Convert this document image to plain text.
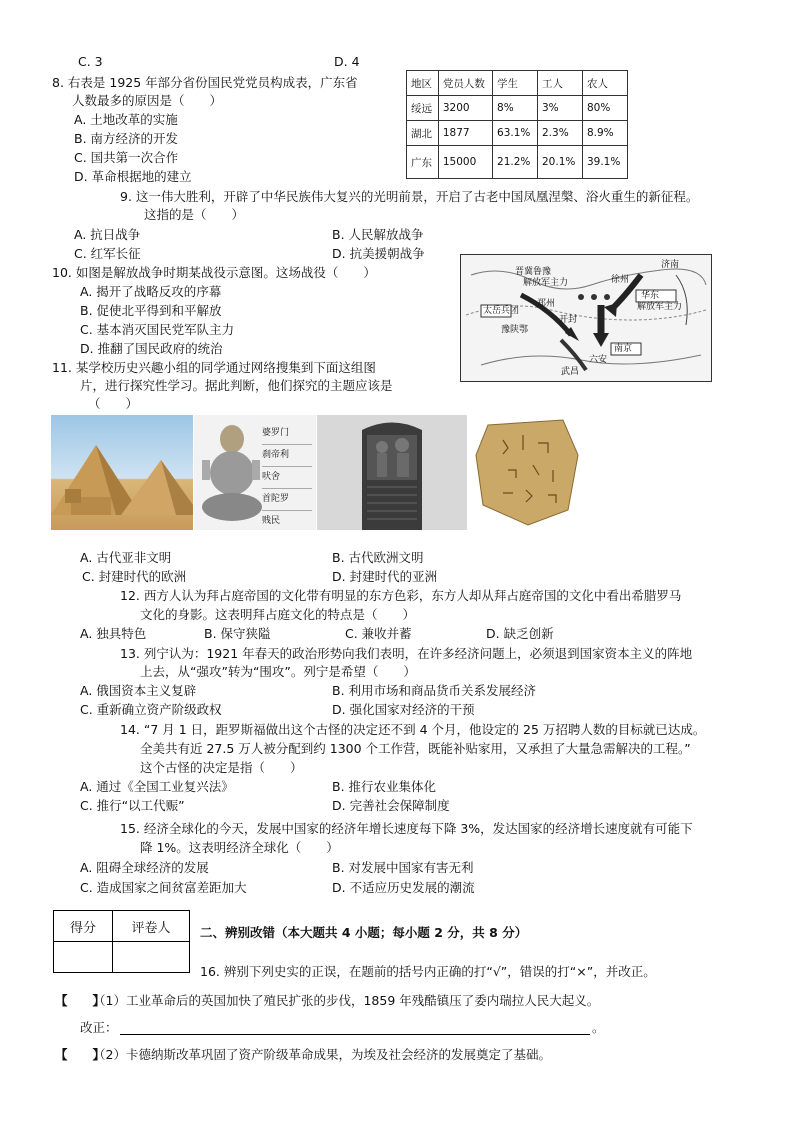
C. 3	D. 4
8. 右表是 1925 年部分省份国民党党员构成表，广东省
人数最多的原因是（　　）
A. 土地改革的实施
B. 南方经济的开发
C. 国共第一次合作
D. 革命根据地的建立
地区	党员人数	学生	工人	农人
绥远	3200	8%	3%	80%
湖北	1877	63.1%	2.3%	8.9%
广东	15000	21.2%	20.1%	39.1%
9. 这一伟大胜利，开辟了中华民族伟大复兴的光明前景，开启了古老中国凤凰涅槃、浴火重生的新征程。
这指的是（　　）
A. 抗日战争	B. 人民解放战争
C. 红军长征	D. 抗美援朝战争
10. 如图是解放战争时期某战役示意图。这场战役（　　）
A. 揭开了战略反攻的序幕
B. 促使北平得到和平解放
C. 基本消灭国民党军队主力
D. 推翻了国民政府的统治
晋冀鲁豫
解放军主力
太岳兵团
华东
解放军主力
豫陕鄂
南京
武昌
郑州
徐州
济南
开封
六安
11. 某学校历史兴趣小组的同学通过网络搜集到下面这组图
片，进行探究性学习。据此判断，他们探究的主题应该是
（　　）
婆罗门
刹帝利
吠舍
首陀罗
贱民
A. 古代亚非文明	B. 古代欧洲文明
C. 封建时代的欧洲	D. 封建时代的亚洲
12. 西方人认为拜占庭帝国的文化带有明显的东方色彩，东方人却从拜占庭帝国的文化中看出希腊罗马
文化的身影。这表明拜占庭文化的特点是（　　）
A. 独具特色	B. 保守狭隘	C. 兼收并蓄	D. 缺乏创新
13. 列宁认为：1921 年春天的政治形势向我们表明，在许多经济问题上，必须退到国家资本主义的阵地
上去，从“强攻”转为“围攻”。列宁是希望（　　）
A. 俄国资本主义复辟	B. 利用市场和商品货币关系发展经济
C. 重新确立资产阶级政权	D. 强化国家对经济的干预
14. “7 月 1 日，距罗斯福做出这个古怪的决定还不到 4 个月，他设定的 25 万招聘人数的目标就已达成。
全美共有近 27.5 万人被分配到约 1300 个工作营，既能补贴家用，又承担了大量急需解决的工程。”
这个古怪的决定是指（　　）
A. 通过《全国工业复兴法》	B. 推行农业集体化
C. 推行“以工代赈”	D. 完善社会保障制度
15. 经济全球化的今天，发展中国家的经济年增长速度每下降 3%，发达国家的经济增长速度就有可能下
降 1%。这表明经济全球化（　　）
A. 阻碍全球经济的发展	B. 对发展中国家有害无利
C. 造成国家之间贫富差距加大	D. 不适应历史发展的潮流
得分	评卷人
	二、辨别改错（本大题共 4 小题；每小题 2 分，共 8 分）
16. 辨别下列史实的正误，在题前的括号内正确的打“√”，错误的打“×”，并改正。
【　　】
（1）工业革命后的英国加快了殖民扩张的步伐，1859 年残酷镇压了委内瑞拉人民大起义。
改正：	。
【　　】
（2）卡德纳斯改革巩固了资产阶级革命成果，为埃及社会经济的发展奠定了基础。
